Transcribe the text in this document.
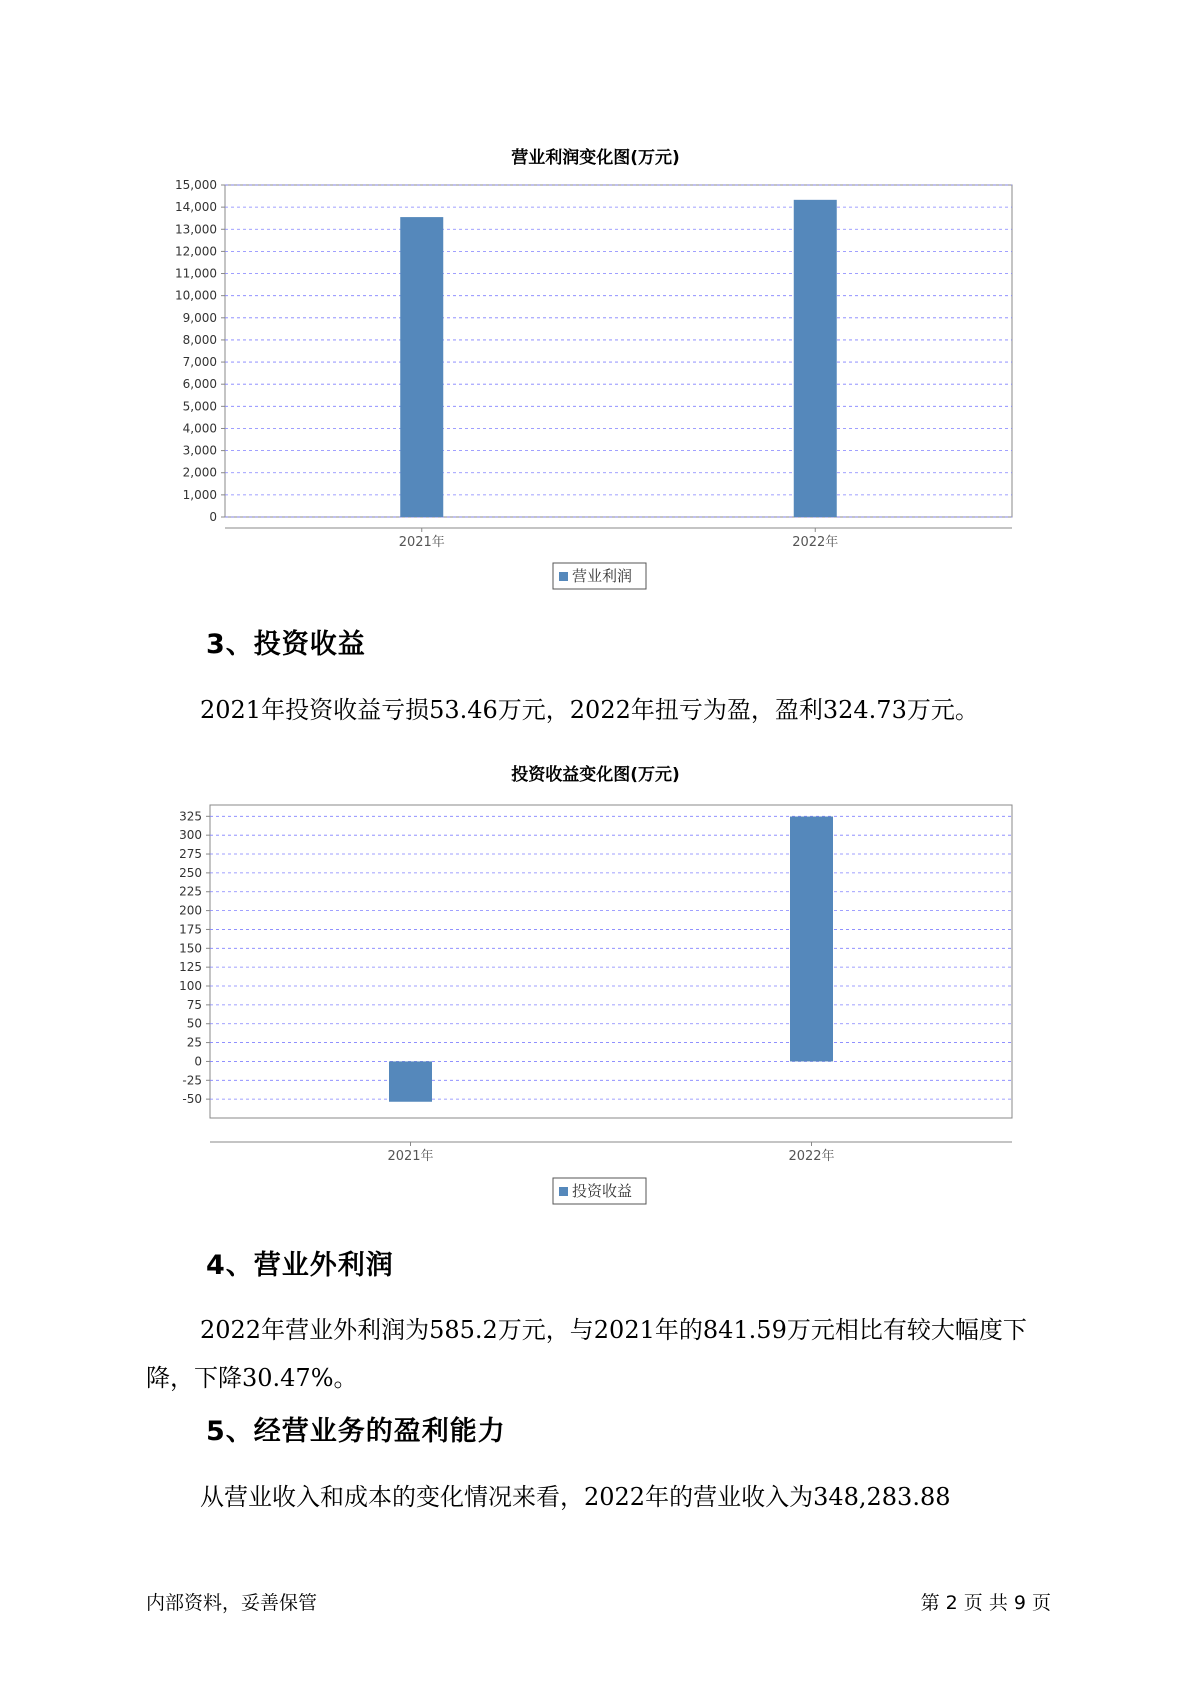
营业利润变化图(万元)
0
1,000
2,000
3,000
4,000
5,000
6,000
7,000
8,000
9,000
10,000
11,000
12,000
13,000
14,000
15,000
2021年	2022年
营业利润
3、投资收益

2021年投资收益亏损53.46万元，2022年扭亏为盈，盈利324.73万元。

投资收益变化图(万元)
-50
-25
0
25
50
75
100
125
150
175
200
225
250
275
300
325
2021年	2022年
投资收益
4、营业外利润

2022年营业外利润为585.2万元，与2021年的841.59万元相比有较大幅度下降，下降30.47%。

5、经营业务的盈利能力

从营业收入和成本的变化情况来看，2022年的营业收入为348,283.88

内部资料，妥善保管	第 2 页 共 9 页
